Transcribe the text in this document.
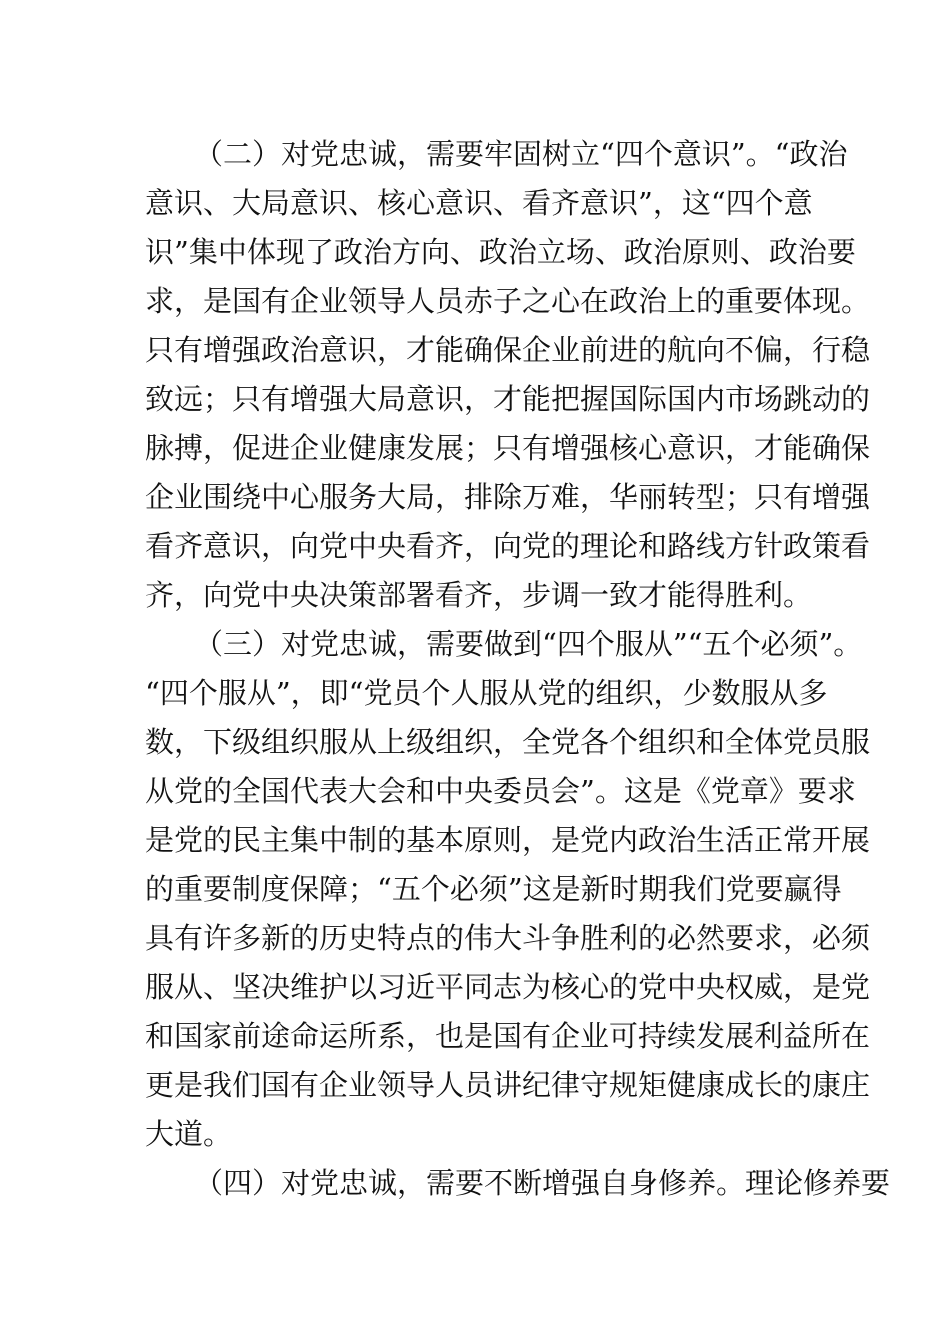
（二）对党忠诚，需要牢固树立“四个意识”。“政治
意识、大局意识、核心意识、看齐意识”，这“四个意
识”集中体现了政治方向、政治立场、政治原则、政治要
求，是国有企业领导人员赤子之心在政治上的重要体现。
只有增强政治意识，才能确保企业前进的航向不偏，行稳
致远；只有增强大局意识，才能把握国际国内市场跳动的
脉搏，促进企业健康发展；只有增强核心意识，才能确保
企业围绕中心服务大局，排除万难，华丽转型；只有增强
看齐意识，向党中央看齐，向党的理论和路线方针政策看
齐，向党中央决策部署看齐，步调一致才能得胜利。
（三）对党忠诚，需要做到“四个服从”“五个必须”。
“四个服从”，即“党员个人服从党的组织，少数服从多
数，下级组织服从上级组织，全党各个组织和全体党员服
从党的全国代表大会和中央委员会”。这是《党章》要求
是党的民主集中制的基本原则，是党内政治生活正常开展
的重要制度保障；“五个必须”这是新时期我们党要赢得
具有许多新的历史特点的伟大斗争胜利的必然要求，必须
服从、坚决维护以习近平同志为核心的党中央权威，是党
和国家前途命运所系，也是国有企业可持续发展利益所在
更是我们国有企业领导人员讲纪律守规矩健康成长的康庄
大道。
（四）对党忠诚，需要不断增强自身修养。理论修养要
